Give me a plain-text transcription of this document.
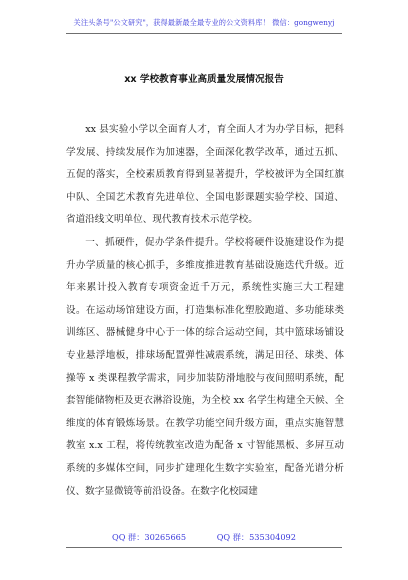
关注头条号"公文研究"，获得最新最全最专业的公文资料库！ 微信：gongwenyj
xx 学校教育事业高质量发展情况报告

xx 县实验小学以全面育人才，育全面人才为办学目标，把科学发展、持续发展作为加速器，全面深化教学改革，通过五抓、五促的落实，全校素质教育得到显著提升，学校被评为全国红旗中队、全国艺术教育先进单位、全国电影课题实验学校、国道、省道沿线文明单位、现代教育技术示范学校。

一、抓硬件，促办学条件提升。学校将硬件设施建设作为提升办学质量的核心抓手，多维度推进教育基础设施迭代升级。近年来累计投入教育专项资金近千万元，系统性实施三大工程建设。在运动场馆建设方面，打造集标准化塑胶跑道、多功能球类训练区、器械健身中心于一体的综合运动空间，其中篮球场铺设专业悬浮地板，排球场配置弹性减震系统，满足田径、球类、体操等 x 类课程教学需求，同步加装防滑地胶与夜间照明系统，配套智能储物柜及更衣淋浴设施，为全校 xx 名学生构建全天候、全维度的体育锻炼场景。在教学功能空间升级方面，重点实施智慧教室 x.x 工程，将传统教室改造为配备 x 寸智能黑板、多屏互动系统的多媒体空间，同步扩建理化生数字实验室，配备光谱分析仪、数字显微镜等前沿设备。在数字化校园建

QQ 群：30265665	QQ 群：535304092
